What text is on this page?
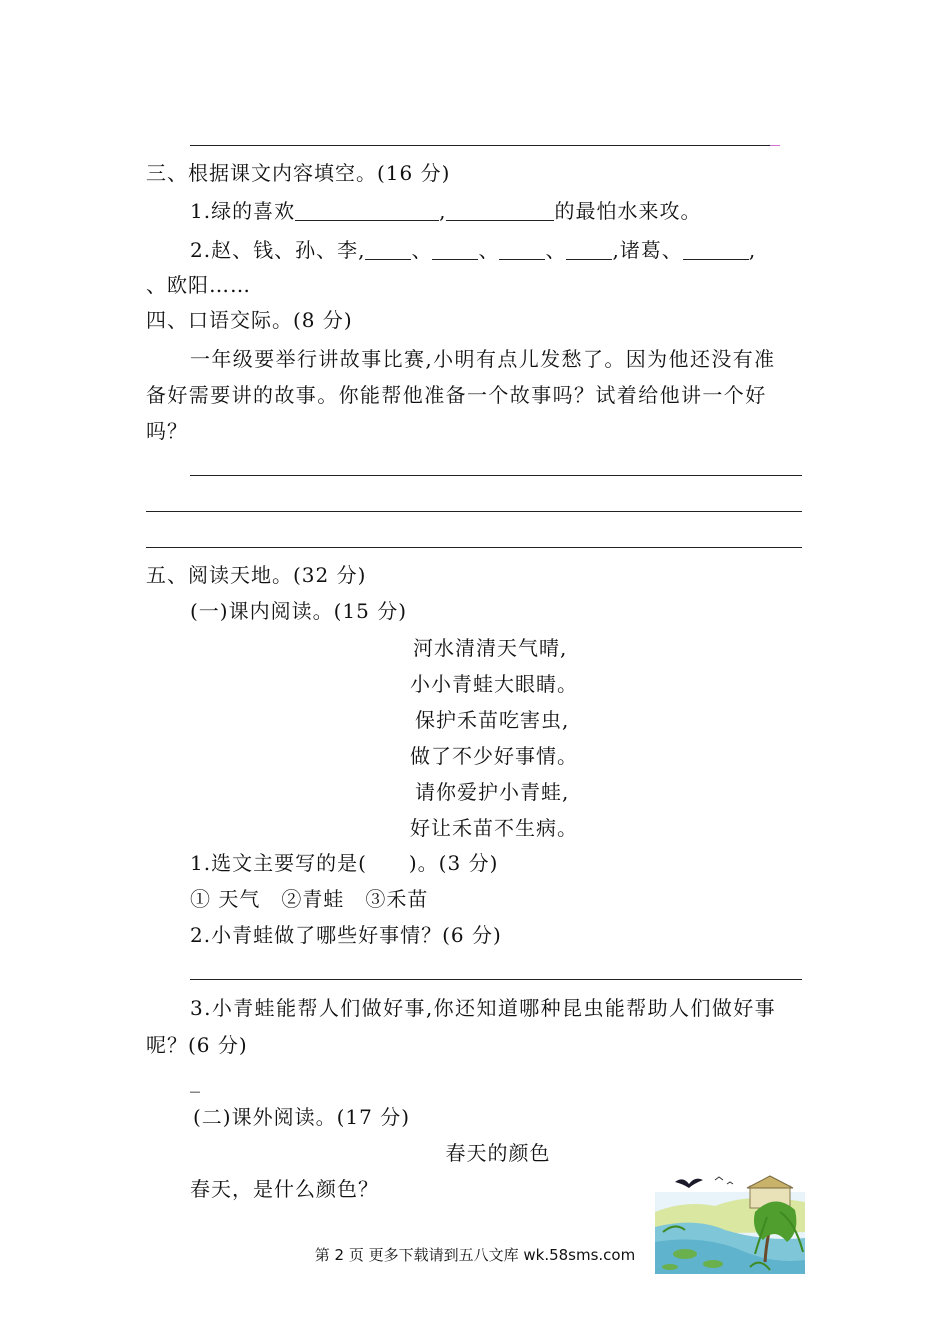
三、根据课文内容填空。(16 分)
1.绿的喜欢	,	的最怕水来攻。
2.赵、钱、孙、李, 、 、 、 ,诸葛、	,
、欧阳……
四、口语交际。(8 分)
一年级要举行讲故事比赛,小明有点儿发愁了。因为他还没有准
备好需要讲的故事。你能帮他准备一个故事吗？试着给他讲一个好
吗？
五、阅读天地。(32 分)
(一)课内阅读。(15 分)
河水清清天气晴,
小小青蛙大眼睛。
保护禾苗吃害虫,
做了不少好事情。
请你爱护小青蛙,
好让禾苗不生病。
1.选文主要写的是(　　)。(3 分)
① 天气　②青蛙　③禾苗
2.小青蛙做了哪些好事情？(6 分)
3.小青蛙能帮人们做好事,你还知道哪种昆虫能帮助人们做好事
呢？(6 分)
_
(二)课外阅读。(17 分)
春天的颜色
春天，是什么颜色？
第 2 页 更多下载请到五八文库 wk.58sms.com
